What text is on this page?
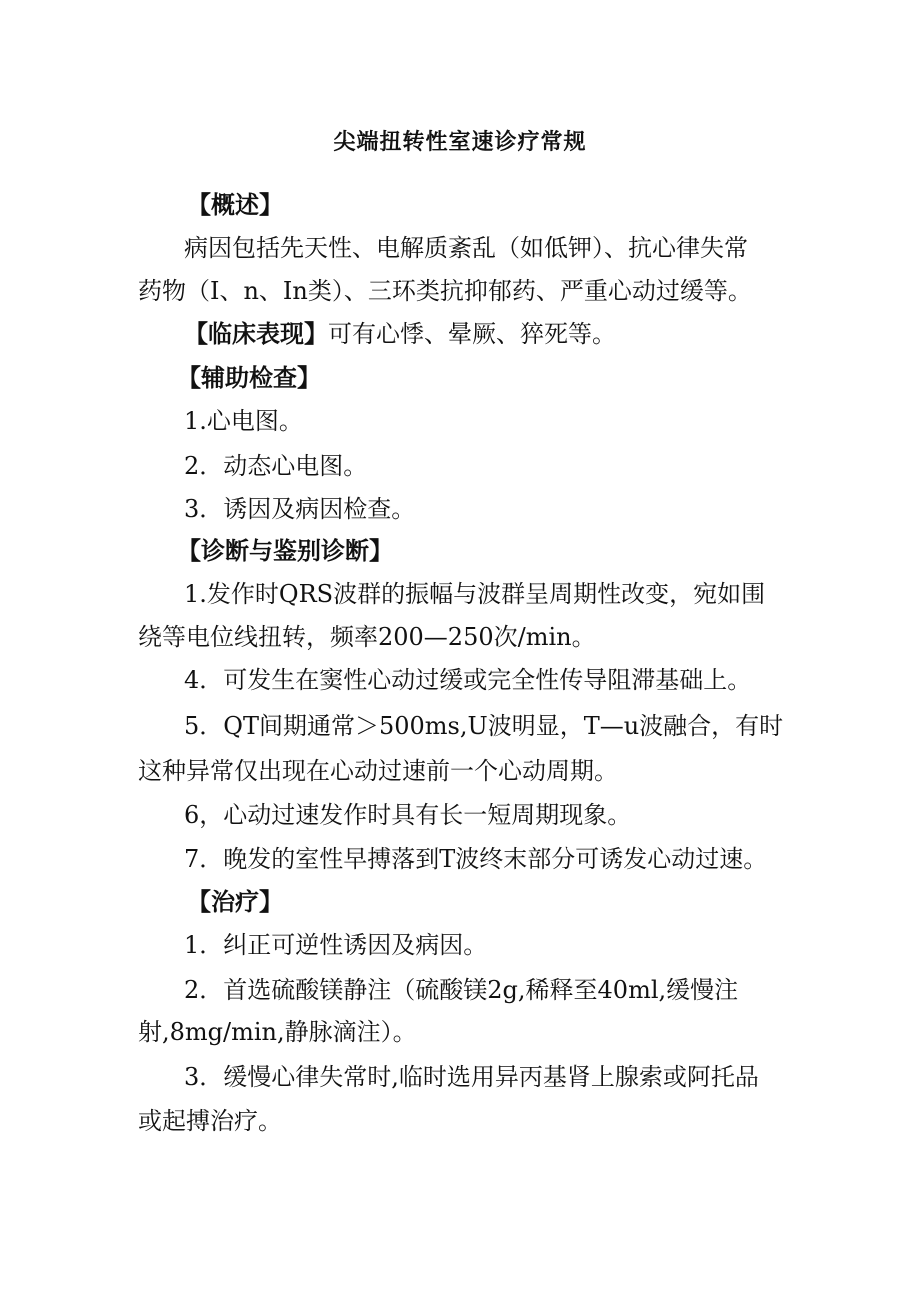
尖端扭转性室速诊疗常规
【概述】
病因包括先天性、电解质紊乱（如低钾）、抗心律失常
药物（I、n、In类）、三环类抗抑郁药、严重心动过缓等。
【临床表现】可有心悸、晕厥、猝死等。
【辅助检查】
1.心电图。
2．动态心电图。
3．诱因及病因检查。
【诊断与鉴别诊断】
1.发作时QRS波群的振幅与波群呈周期性改变，宛如围
绕等电位线扭转，频率200—250次/min。
4．可发生在窦性心动过缓或完全性传导阻滞基础上。
5．QT间期通常＞500ms,U波明显，T—u波融合，有时
这种异常仅出现在心动过速前一个心动周期。
6，心动过速发作时具有长一短周期现象。
7．晚发的室性早搏落到T波终末部分可诱发心动过速。
【治疗】
1．纠正可逆性诱因及病因。
2．首选硫酸镁静注（硫酸镁2g,稀释至40ml,缓慢注
射,8mg/min,静脉滴注）。
3．缓慢心律失常时,临时选用异丙基肾上腺索或阿托品
或起搏治疗。
